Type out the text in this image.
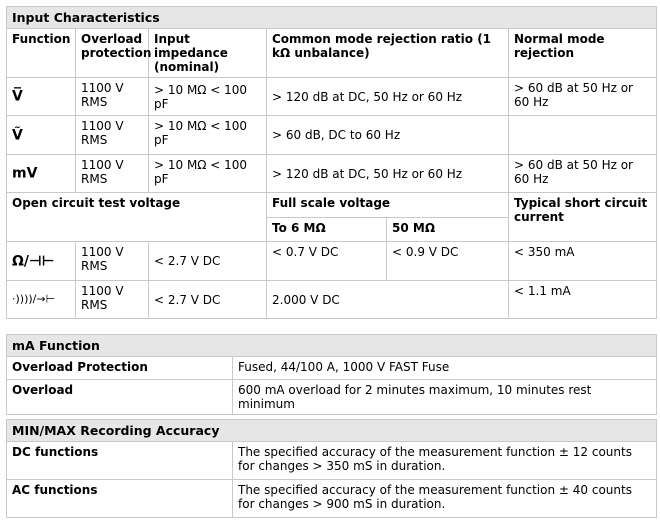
Input Characteristics					
Function	Overload protection	Input impedance (nominal)	Common mode rejection ratio (1 kΩ unbalance)		Normal mode rejection
V̅	1100 V RMS	> 10 MΩ < 100 pF	> 120 dB at DC, 50 Hz or 60 Hz		> 60 dB at 50 Hz or 60 Hz
Ṽ	1100 V RMS	> 10 MΩ < 100 pF	> 60 dB, DC to 60 Hz		
mV	1100 V RMS	> 10 MΩ < 100 pF	> 120 dB at DC, 50 Hz or 60 Hz		> 60 dB at 50 Hz or 60 Hz
Open circuit test voltage			Full scale voltage		Typical short circuit current
			To 6 MΩ	50 MΩ	
Ω/⊣⊢	1100 V RMS	< 2.7 V DC	< 0.7 V DC	< 0.9 V DC	< 350 mA
·))))/→⊢	1100 V RMS	< 2.7 V DC	2.000 V DC		< 1.1 mA
mA Function	
Overload Protection	Fused, 44/100 A, 1000 V FAST Fuse
Overload	600 mA overload for 2 minutes maximum, 10 minutes rest minimum
MIN/MAX Recording Accuracy	
DC functions	The specified accuracy of the measurement function ± 12 counts for changes > 350 mS in duration.
AC functions	The specified accuracy of the measurement function ± 40 counts for changes > 900 mS in duration.
